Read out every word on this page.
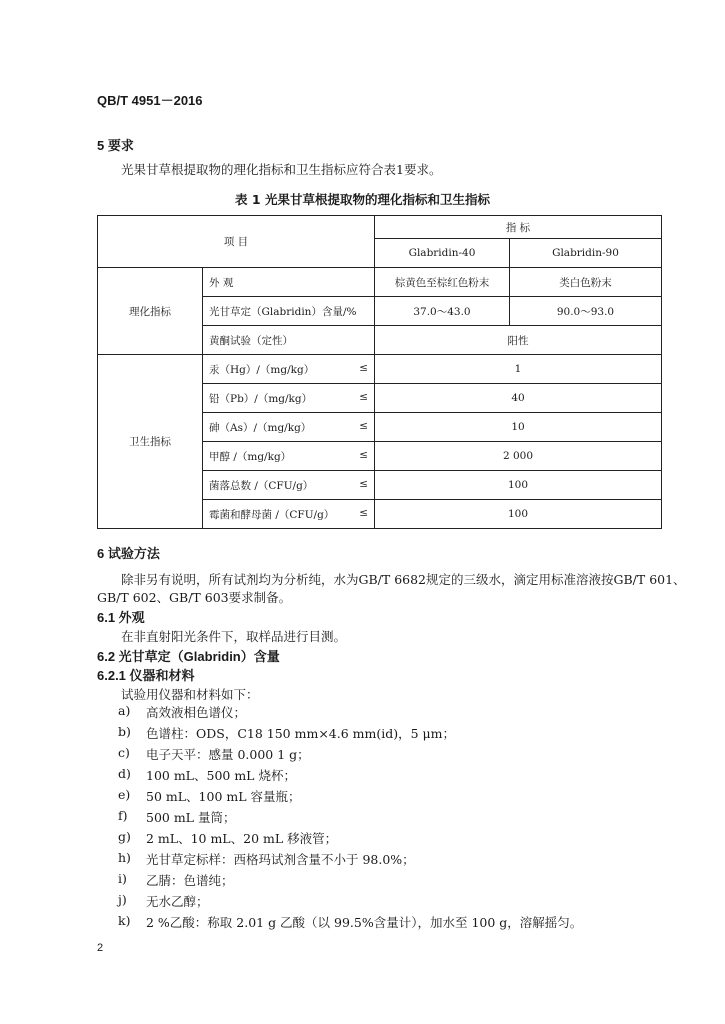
QB/T 4951－2016
5 要求
光果甘草根提取物的理化指标和卫生指标应符合表1要求。
表 1 光果甘草根提取物的理化指标和卫生指标
项 目		指 标	
		Glabridin-40	Glabridin-90
理化指标	外 观	棕黄色至棕红色粉末	类白色粉末
	光甘草定（Glabridin）含量/%	37.0～43.0	90.0～93.0
	黄酮试验（定性）	阳性	
卫生指标	汞（Hg）/（mg/kg） ≤	1	
	铅（Pb）/（mg/kg） ≤	40	
	砷（As）/（mg/kg） ≤	10	
	甲醇 /（mg/kg） ≤	2 000	
	菌落总数 /（CFU/g） ≤	100	
	霉菌和酵母菌 /（CFU/g） ≤	100	
6 试验方法
除非另有说明，所有试剂均为分析纯，水为GB/T 6682规定的三级水，滴定用标准溶液按GB/T 601、
GB/T 602、GB/T 603要求制备。
6.1 外观
在非直射阳光条件下，取样品进行目测。
6.2 光甘草定（Glabridin）含量
6.2.1 仪器和材料
试验用仪器和材料如下：
a) 高效液相色谱仪；
b) 色谱柱：ODS，C18 150 mm×4.6 mm(id)，5 μm；
c) 电子天平：感量 0.000 1 g；
d) 100 mL、500 mL 烧杯；
e) 50 mL、100 mL 容量瓶；
f) 500 mL 量筒；
g) 2 mL、10 mL、20 mL 移液管；
h) 光甘草定标样：西格玛试剂含量不小于 98.0%；
i) 乙腈：色谱纯；
j) 无水乙醇；
k) 2 %乙酸：称取 2.01 g 乙酸（以 99.5%含量计），加水至 100 g，溶解摇匀。
2
